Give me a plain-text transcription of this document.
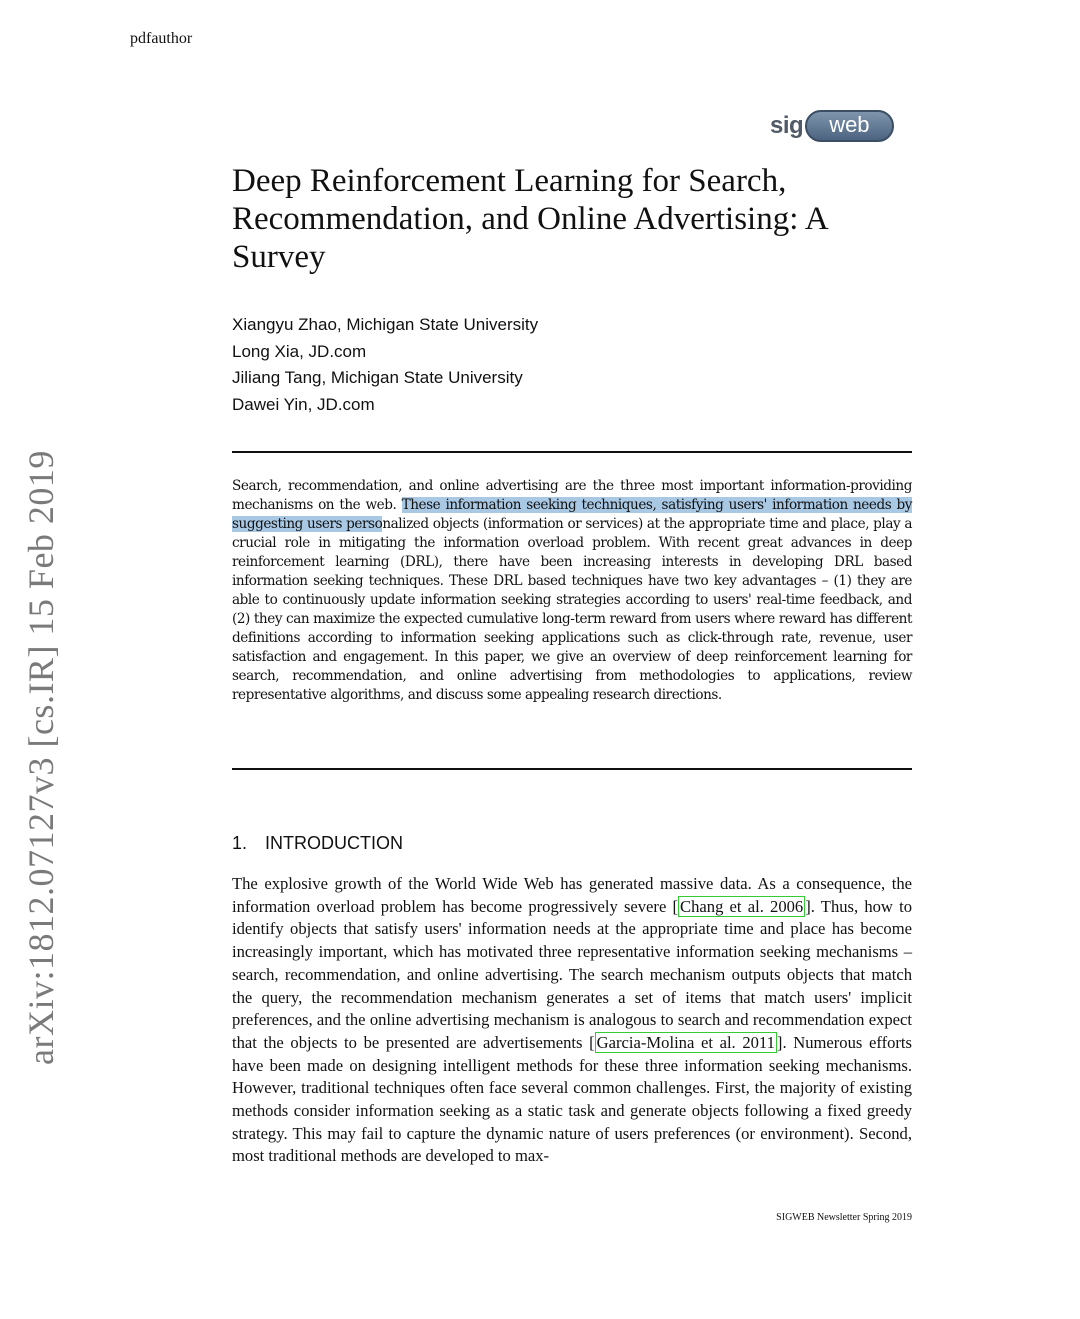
pdfauthor
sig	web
arXiv:1812.07127v3 [cs.IR] 15 Feb 2019
Deep Reinforcement Learning for Search, Recommendation, and Online Advertising: A Survey
Xiangyu Zhao, Michigan State University
Long Xia, JD.com
Jiliang Tang, Michigan State University
Dawei Yin, JD.com
Search, recommendation, and online advertising are the three most important information-providing mechanisms on the web. These information seeking techniques, satisfying users' information needs by suggesting users personalized objects (information or services) at the appropriate time and place, play a crucial role in mitigating the information overload problem. With recent great advances in deep reinforcement learning (DRL), there have been increasing interests in developing DRL based information seeking techniques. These DRL based techniques have two key advantages – (1) they are able to continuously update information seeking strategies according to users' real-time feedback, and (2) they can maximize the expected cumulative long-term reward from users where reward has different definitions according to information seeking applications such as click-through rate, revenue, user satisfaction and engagement. In this paper, we give an overview of deep reinforcement learning for search, recommendation, and online advertising from methodologies to applications, review representative algorithms, and discuss some appealing research directions.
1. INTRODUCTION
The explosive growth of the World Wide Web has generated massive data. As a consequence, the information overload problem has become progressively severe [ Chang et al. 2006 ]. Thus, how to identify objects that satisfy users' information needs at the appropriate time and place has become increasingly important, which has motivated three representative information seeking mechanisms – search, recommendation, and online advertising. The search mechanism outputs objects that match the query, the recommendation mechanism generates a set of items that match users' implicit preferences, and the online advertising mechanism is analogous to search and recommendation expect that the objects to be presented are advertisements [ Garcia-Molina et al. 2011 ]. Numerous efforts have been made on designing intelligent methods for these three information seeking mechanisms. However, traditional techniques often face several common challenges. First, the majority of existing methods consider information seeking as a static task and generate objects following a fixed greedy strategy. This may fail to capture the dynamic nature of users preferences (or environment). Second, most traditional methods are developed to max-
SIGWEB Newsletter Spring 2019
